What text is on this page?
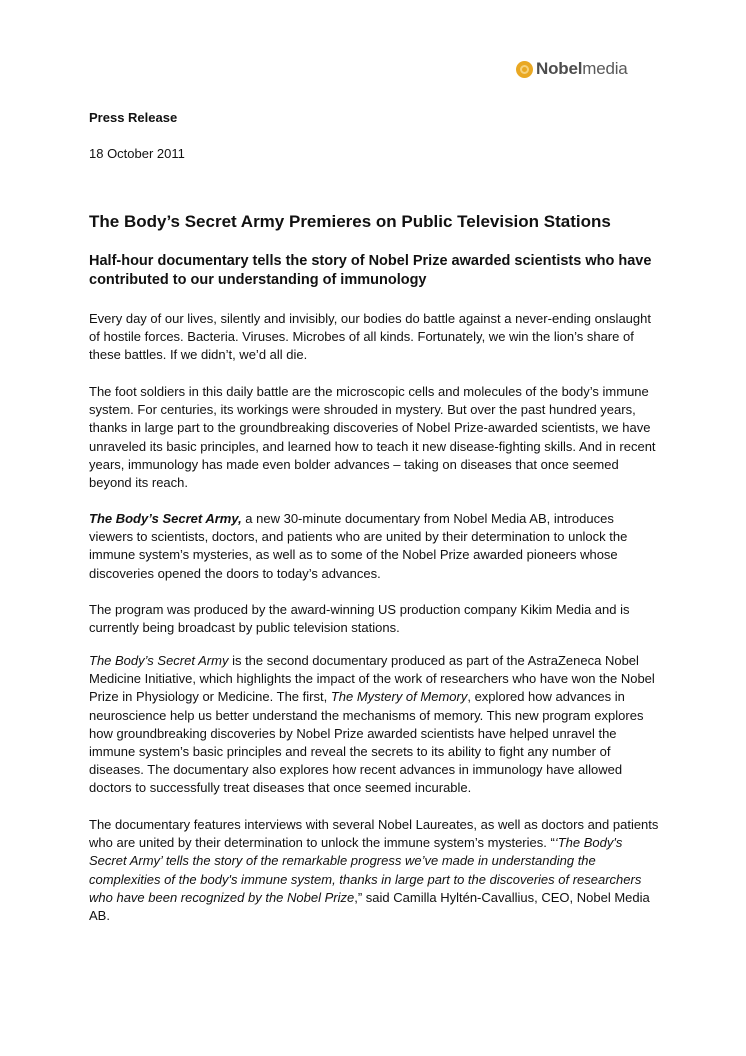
Nobelmedia
Press Release
18 October 2011
The Body’s Secret Army Premieres on Public Television Stations
Half-hour documentary tells the story of Nobel Prize awarded scientists who have contributed to our understanding of immunology

Every day of our lives, silently and invisibly, our bodies do battle against a never-ending onslaught of hostile forces. Bacteria. Viruses. Microbes of all kinds. Fortunately, we win the lion’s share of these battles. If we didn’t, we’d all die.

The foot soldiers in this daily battle are the microscopic cells and molecules of the body’s immune system. For centuries, its workings were shrouded in mystery. But over the past hundred years, thanks in large part to the groundbreaking discoveries of Nobel Prize-awarded scientists, we have unraveled its basic principles, and learned how to teach it new disease-fighting skills. And in recent years, immunology has made even bolder advances – taking on diseases that once seemed beyond its reach.

The Body’s Secret Army, a new 30-minute documentary from Nobel Media AB, introduces viewers to scientists, doctors, and patients who are united by their determination to unlock the immune system’s mysteries, as well as to some of the Nobel Prize awarded pioneers whose discoveries opened the doors to today’s advances.

The program was produced by the award-winning US production company Kikim Media and is currently being broadcast by public television stations.

The Body’s Secret Army is the second documentary produced as part of the AstraZeneca Nobel Medicine Initiative, which highlights the impact of the work of researchers who have won the Nobel Prize in Physiology or Medicine. The first, The Mystery of Memory, explored how advances in neuroscience help us better understand the mechanisms of memory. This new program explores how groundbreaking discoveries by Nobel Prize awarded scientists have helped unravel the immune system’s basic principles and reveal the secrets to its ability to fight any number of diseases. The documentary also explores how recent advances in immunology have allowed doctors to successfully treat diseases that once seemed incurable.

The documentary features interviews with several Nobel Laureates, as well as doctors and patients who are united by their determination to unlock the immune system’s mysteries. “‘The Body's Secret Army’ tells the story of the remarkable progress we’ve made in understanding the complexities of the body's immune system, thanks in large part to the discoveries of researchers who have been recognized by the Nobel Prize,” said Camilla Hyltén-Cavallius, CEO, Nobel Media AB.
